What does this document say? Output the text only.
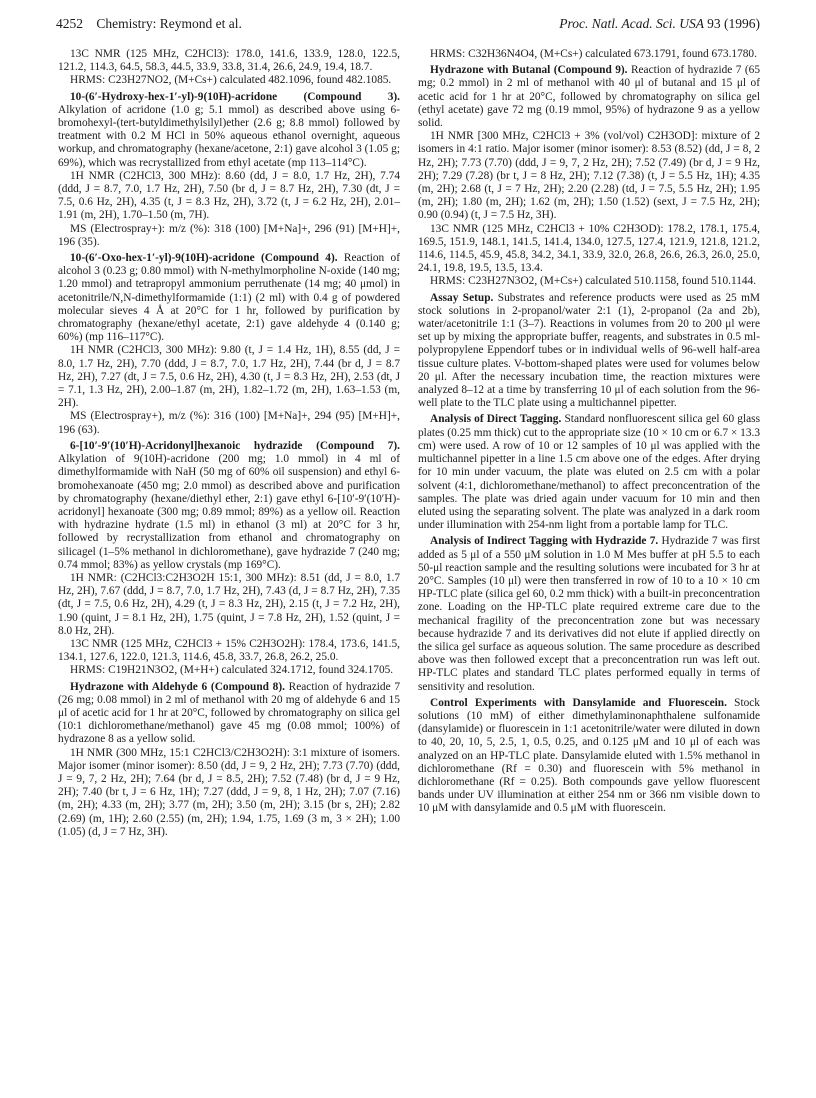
4252 Chemistry: Reymond et al.	Proc. Natl. Acad. Sci. USA 93 (1996)

13C NMR (125 MHz, C2HCl3): 178.0, 141.6, 133.9, 128.0, 122.5, 121.2, 114.3, 64.5, 58.3, 44.5, 33.9, 33.8, 31.4, 26.6, 24.9, 19.4, 18.7.

HRMS: C23H27NO2, (M+Cs+) calculated 482.1096, found 482.1085.

10-(6′-Hydroxy-hex-1′-yl)-9(10H)-acridone (Compound 3). Alkylation of acridone (1.0 g; 5.1 mmol) as described above using 6-bromohexyl-(tert-butyldimethylsilyl)ether (2.6 g; 8.8 mmol) followed by treatment with 0.2 M HCl in 50% aqueous ethanol overnight, aqueous workup, and chromatography (hexane/acetone, 2:1) gave alcohol 3 (1.05 g; 69%), which was recrystallized from ethyl acetate (mp 113–114°C).

1H NMR (C2HCl3, 300 MHz): 8.60 (dd, J = 8.0, 1.7 Hz, 2H), 7.74 (ddd, J = 8.7, 7.0, 1.7 Hz, 2H), 7.50 (br d, J = 8.7 Hz, 2H), 7.30 (dt, J = 7.5, 0.6 Hz, 2H), 4.35 (t, J = 8.3 Hz, 2H), 3.72 (t, J = 6.2 Hz, 2H), 2.01–1.91 (m, 2H), 1.70–1.50 (m, 7H).

MS (Electrospray+): m/z (%): 318 (100) [M+Na]+, 296 (91) [M+H]+, 196 (35).

10-(6′-Oxo-hex-1′-yl)-9(10H)-acridone (Compound 4). Reaction of alcohol 3 (0.23 g; 0.80 mmol) with N-methylmorpholine N-oxide (140 mg; 1.20 mmol) and tetrapropyl ammonium perruthenate (14 mg; 40 μmol) in acetonitrile/N,N-dimethylformamide (1:1) (2 ml) with 0.4 g of powdered molecular sieves 4 Å at 20°C for 1 hr, followed by purification by chromatography (hexane/ethyl acetate, 2:1) gave aldehyde 4 (0.140 g; 60%) (mp 116–117°C).

1H NMR (C2HCl3, 300 MHz): 9.80 (t, J = 1.4 Hz, 1H), 8.55 (dd, J = 8.0, 1.7 Hz, 2H), 7.70 (ddd, J = 8.7, 7.0, 1.7 Hz, 2H), 7.44 (br d, J = 8.7 Hz, 2H), 7.27 (dt, J = 7.5, 0.6 Hz, 2H), 4.30 (t, J = 8.3 Hz, 2H), 2.53 (dt, J = 7.1, 1.3 Hz, 2H), 2.00–1.87 (m, 2H), 1.82–1.72 (m, 2H), 1.63–1.53 (m, 2H).

MS (Electrospray+), m/z (%): 316 (100) [M+Na]+, 294 (95) [M+H]+, 196 (63).

6-[10′-9′(10′H)-Acridonyl]hexanoic hydrazide (Compound 7). Alkylation of 9(10H)-acridone (200 mg; 1.0 mmol) in 4 ml of dimethylformamide with NaH (50 mg of 60% oil suspension) and ethyl 6-bromohexanoate (450 mg; 2.0 mmol) as described above and purification by chromatography (hexane/diethyl ether, 2:1) gave ethyl 6-[10′-9′(10′H)-acridonyl] hexanoate (300 mg; 0.89 mmol; 89%) as a yellow oil. Reaction with hydrazine hydrate (1.5 ml) in ethanol (3 ml) at 20°C for 3 hr, followed by recrystallization from ethanol and chromatography on silicagel (1–5% methanol in dichloromethane), gave hydrazide 7 (240 mg; 0.74 mmol; 83%) as yellow crystals (mp 169°C).

1H NMR: (C2HCl3:C2H3O2H 15:1, 300 MHz): 8.51 (dd, J = 8.0, 1.7 Hz, 2H), 7.67 (ddd, J = 8.7, 7.0, 1.7 Hz, 2H), 7.43 (d, J = 8.7 Hz, 2H), 7.35 (dt, J = 7.5, 0.6 Hz, 2H), 4.29 (t, J = 8.3 Hz, 2H), 2.15 (t, J = 7.2 Hz, 2H), 1.90 (quint, J = 8.1 Hz, 2H), 1.75 (quint, J = 7.8 Hz, 2H), 1.52 (quint, J = 8.0 Hz, 2H).

13C NMR (125 MHz, C2HCl3 + 15% C2H3O2H): 178.4, 173.6, 141.5, 134.1, 127.6, 122.0, 121.3, 114.6, 45.8, 33.7, 26.8, 26.2, 25.0.

HRMS: C19H21N3O2, (M+H+) calculated 324.1712, found 324.1705.

Hydrazone with Aldehyde 6 (Compound 8). Reaction of hydrazide 7 (26 mg; 0.08 mmol) in 2 ml of methanol with 20 mg of aldehyde 6 and 15 μl of acetic acid for 1 hr at 20°C, followed by chromatography on silica gel (10:1 dichloromethane/methanol) gave 45 mg (0.08 mmol; 100%) of hydrazone 8 as a yellow solid.

1H NMR (300 MHz, 15:1 C2HCl3/C2H3O2H): 3:1 mixture of isomers. Major isomer (minor isomer): 8.50 (dd, J = 9, 2 Hz, 2H); 7.73 (7.70) (ddd, J = 9, 7, 2 Hz, 2H); 7.64 (br d, J = 8.5, 2H); 7.52 (7.48) (br d, J = 9 Hz, 2H); 7.40 (br t, J = 6 Hz, 1H); 7.27 (ddd, J = 9, 8, 1 Hz, 2H); 7.07 (7.16) (m, 2H); 4.33 (m, 2H); 3.77 (m, 2H); 3.50 (m, 2H); 3.15 (br s, 2H); 2.82 (2.69) (m, 1H); 2.60 (2.55) (m, 2H); 1.94, 1.75, 1.69 (3 m, 3 × 2H); 1.00 (1.05) (d, J = 7 Hz, 3H).

HRMS: C32H36N4O4, (M+Cs+) calculated 673.1791, found 673.1780.

Hydrazone with Butanal (Compound 9). Reaction of hydrazide 7 (65 mg; 0.2 mmol) in 2 ml of methanol with 40 μl of butanal and 15 μl of acetic acid for 1 hr at 20°C, followed by chromatography on silica gel (ethyl acetate) gave 72 mg (0.19 mmol, 95%) of hydrazone 9 as a yellow solid.

1H NMR [300 MHz, C2HCl3 + 3% (vol/vol) C2H3OD]: mixture of 2 isomers in 4:1 ratio. Major isomer (minor isomer): 8.53 (8.52) (dd, J = 8, 2 Hz, 2H); 7.73 (7.70) (ddd, J = 9, 7, 2 Hz, 2H); 7.52 (7.49) (br d, J = 9 Hz, 2H); 7.29 (7.28) (br t, J = 8 Hz, 2H); 7.12 (7.38) (t, J = 5.5 Hz, 1H); 4.35 (m, 2H); 2.68 (t, J = 7 Hz, 2H); 2.20 (2.28) (td, J = 7.5, 5.5 Hz, 2H); 1.95 (m, 2H); 1.80 (m, 2H); 1.62 (m, 2H); 1.50 (1.52) (sext, J = 7.5 Hz, 2H); 0.90 (0.94) (t, J = 7.5 Hz, 3H).

13C NMR (125 MHz, C2HCl3 + 10% C2H3OD): 178.2, 178.1, 175.4, 169.5, 151.9, 148.1, 141.5, 141.4, 134.0, 127.5, 127.4, 121.9, 121.8, 121.2, 114.6, 114.5, 45.9, 45.8, 34.2, 34.1, 33.9, 32.0, 26.8, 26.6, 26.3, 26.0, 25.0, 24.1, 19.8, 19.5, 13.5, 13.4.

HRMS: C23H27N3O2, (M+Cs+) calculated 510.1158, found 510.1144.

Assay Setup. Substrates and reference products were used as 25 mM stock solutions in 2-propanol/water 2:1 (1), 2-propanol (2a and 2b), water/acetonitrile 1:1 (3–7). Reactions in volumes from 20 to 200 μl were set up by mixing the appropriate buffer, reagents, and substrates in 0.5 ml-polypropylene Eppendorf tubes or in individual wells of 96-well half-area tissue culture plates. V-bottom-shaped plates were used for volumes below 20 μl. After the necessary incubation time, the reaction mixtures were analyzed 8–12 at a time by transferring 10 μl of each solution from the 96-well plate to the TLC plate using a multichannel pipetter.

Analysis of Direct Tagging. Standard nonfluorescent silica gel 60 glass plates (0.25 mm thick) cut to the appropriate size (10 × 10 cm or 6.7 × 13.3 cm) were used. A row of 10 or 12 samples of 10 μl was applied with the multichannel pipetter in a line 1.5 cm above one of the edges. After drying for 10 min under vacuum, the plate was eluted on 2.5 cm with a polar solvent (4:1, dichloromethane/methanol) to affect preconcentration of the samples. The plate was dried again under vacuum for 10 min and then eluted using the separating solvent. The plate was analyzed in a dark room under illumination with 254-nm light from a portable lamp for TLC.

Analysis of Indirect Tagging with Hydrazide 7. Hydrazide 7 was first added as 5 μl of a 550 μM solution in 1.0 M Mes buffer at pH 5.5 to each 50-μl reaction sample and the resulting solutions were incubated for 3 hr at 20°C. Samples (10 μl) were then transferred in row of 10 to a 10 × 10 cm HP-TLC plate (silica gel 60, 0.2 mm thick) with a built-in preconcentration zone. Loading on the HP-TLC plate required extreme care due to the mechanical fragility of the preconcentration zone but was necessary because hydrazide 7 and its derivatives did not elute if applied directly on the silica gel surface as aqueous solution. The same procedure as described above was then followed except that a preconcentration run was left out. HP-TLC plates and standard TLC plates performed equally in terms of sensitivity and resolution.

Control Experiments with Dansylamide and Fluorescein. Stock solutions (10 mM) of either dimethylaminonaphthalene sulfonamide (dansylamide) or fluorescein in 1:1 acetonitrile/water were diluted in down to 40, 20, 10, 5, 2.5, 1, 0.5, 0.25, and 0.125 μM and 10 μl of each was analyzed on an HP-TLC plate. Dansylamide eluted with 1.5% methanol in dichloromethane (Rf = 0.30) and fluorescein with 5% methanol in dichloromethane (Rf = 0.25). Both compounds gave yellow fluorescent bands under UV illumination at either 254 nm or 366 nm visible down to 10 μM with dansylamide and 0.5 μM with fluorescein.
